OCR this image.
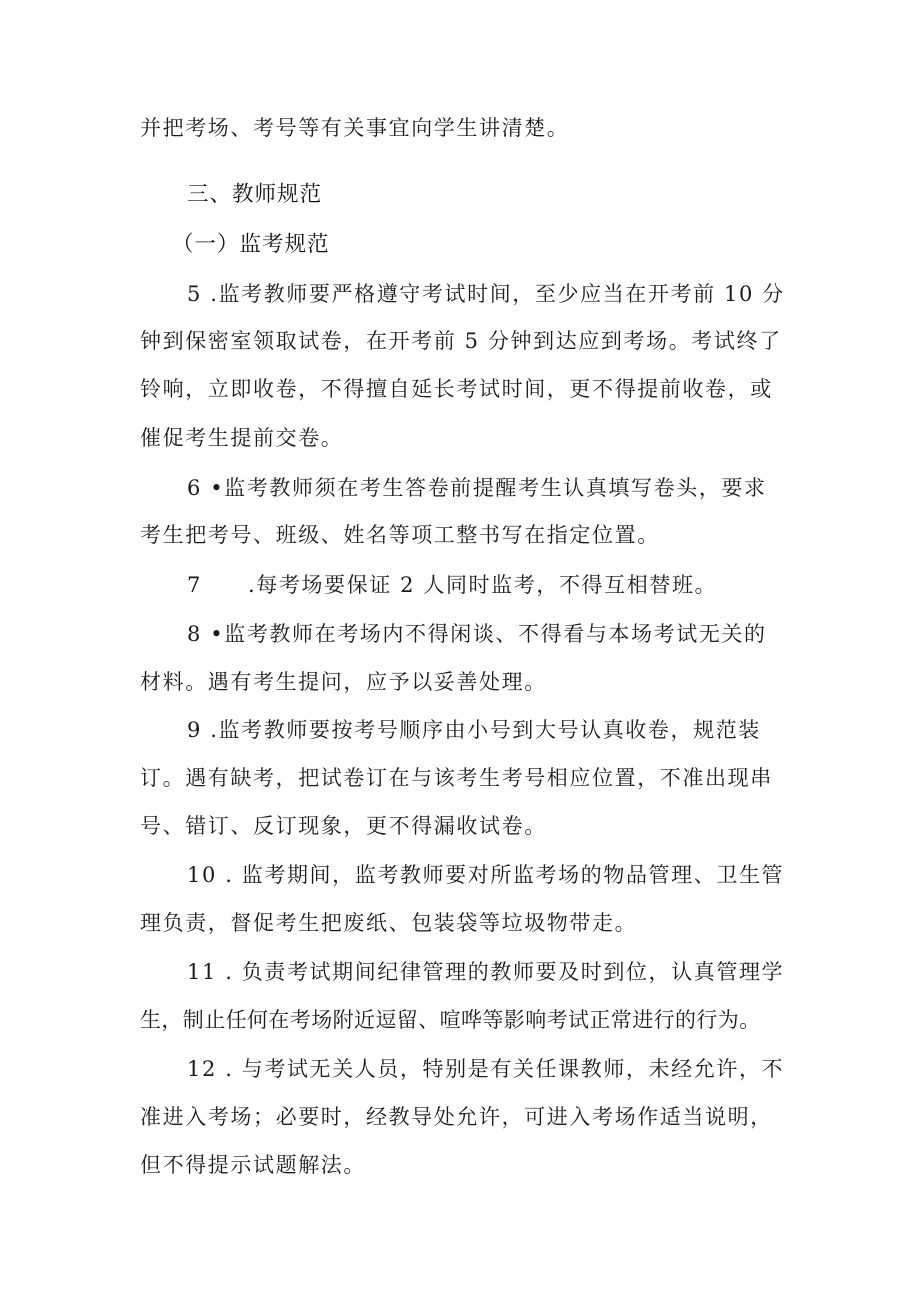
并把考场、考号等有关事宜向学生讲清楚。
三、教师规范
（一）监考规范
5 .监考教师要严格遵守考试时间，至少应当在开考前 10 分
钟到保密室领取试卷，在开考前 5 分钟到达应到考场。考试终了
铃响，立即收卷，不得擅自延长考试时间，更不得提前收卷，或
催促考生提前交卷。
6 •监考教师须在考生答卷前提醒考生认真填写卷头，要求
考生把考号、班级、姓名等项工整书写在指定位置。
7 .每考场要保证 2 人同时监考，不得互相替班。
8 •监考教师在考场内不得闲谈、不得看与本场考试无关的
材料。遇有考生提问，应予以妥善处理。
9 .监考教师要按考号顺序由小号到大号认真收卷，规范装
订。遇有缺考，把试卷订在与该考生考号相应位置，不准出现串
号、错订、反订现象，更不得漏收试卷。
10 . 监考期间，监考教师要对所监考场的物品管理、卫生管
理负责，督促考生把废纸、包装袋等垃圾物带走。
11 . 负责考试期间纪律管理的教师要及时到位，认真管理学
生，制止任何在考场附近逗留、喧哗等影响考试正常进行的行为。
12 . 与考试无关人员，特别是有关任课教师，未经允许，不
准进入考场；必要时，经教导处允许，可进入考场作适当说明，
但不得提示试题解法。
